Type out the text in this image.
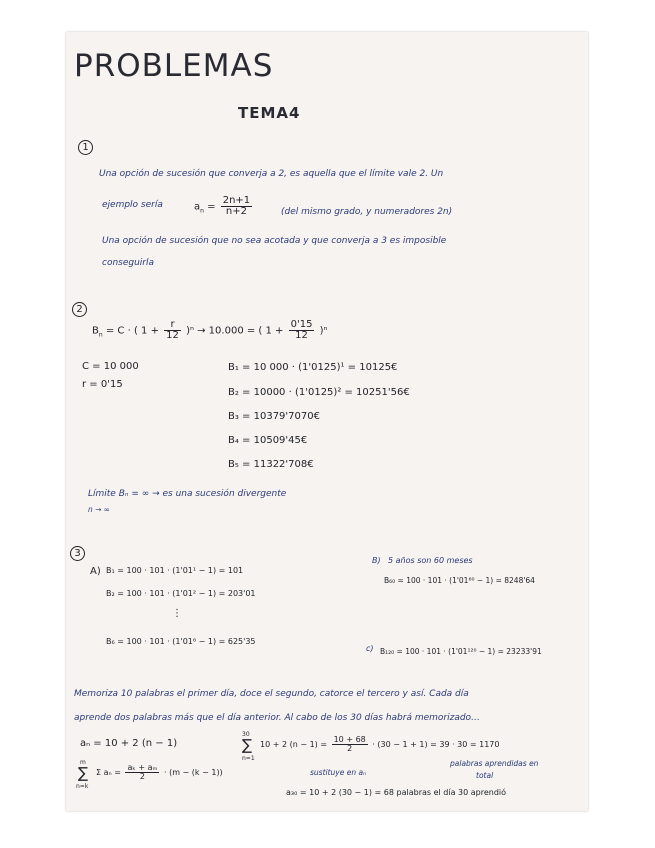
PROBLEMAS
TEMA4
1
Una opción de sucesión que converja a 2, es aquella que el límite vale 2. Un
ejemplo sería	$a_n = \frac{2n+1}{n+2}$	(del mismo grado, y numeradores 2n)
Una opción de sucesión que no sea acotada y que converja a 3 es imposible
conseguirla
2
$B_n = C$ · ( $1 + \frac{r}{12} )^n \to 10.000$ = ( $1 + \frac{0'15}{12} )^n$
C = 10 000
r = 0'15
B₁ = 10 000 · (1'0125)¹ = 10125€
B₂ = 10000 · (1'0125)² = 10251'56€
B₃ = 10379'7070€
B₄ = 10509'45€
B₅ = 11322'708€
Límite Bₙ = ∞ → es una sucesión divergente
n → ∞
3
A) B₁ = 100 · 101 · (1'01¹ − 1) = 101
B₂ = 100 · 101 · (1'01² − 1) = 203'01
⋮
B₆ = 100 · 101 · (1'01⁶ − 1) = 625'35
B) 5 años son 60 meses
B₆₀ = 100 · 101 · (1'01⁶⁰ − 1) = 8248'64
c) B₁₂₀ = 100 · 101 · (1'01¹²⁰ − 1) = 23233'91
Memoriza 10 palabras el primer día, doce el segundo, catorce el tercero y así. Cada día
aprende dos palabras más que el día anterior. Al cabo de los 30 días habrá memorizado…
aₙ = 10 + 2 (n − 1)
30
∑
n=1
10 + 2 $(n - 1) = \frac{10 + 68}{2} \cdot (30 - 1 + 1) = 39 \cdot 30 = 1170$
m
∑
n=k
Σ $a_n = \frac{\text{aₖ + aₘ}}{2} \cdot (m - (k - 1))$	sustituye en aₙ
palabras aprendidas en
total
a₃₀ = 10 + 2 (30 − 1) = 68 palabras el día 30 aprendió
